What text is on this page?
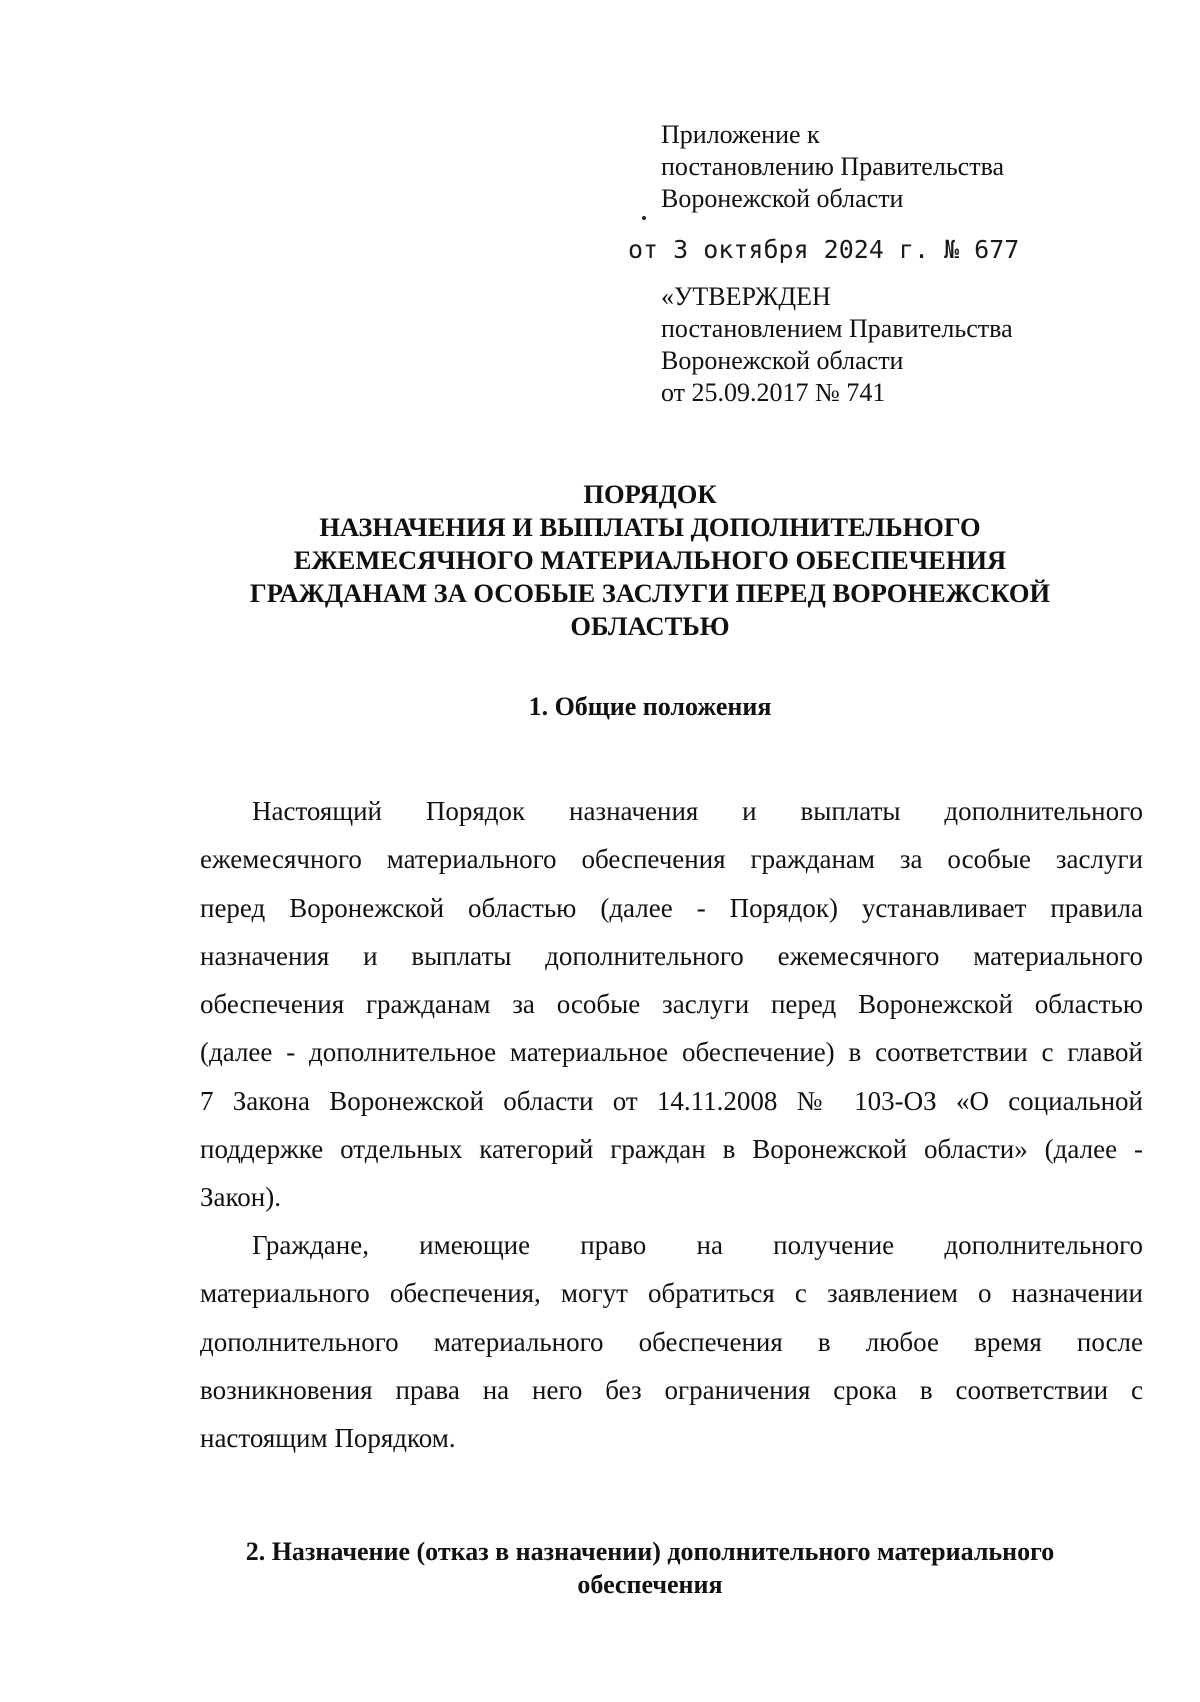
Приложение к
постановлению Правительства
Воронежской области
от 3 октября 2024 г. № 677
«УТВЕРЖДЕН
постановлением Правительства
Воронежской области
от 25.09.2017 № 741
ПОРЯДОК
НАЗНАЧЕНИЯ И ВЫПЛАТЫ ДОПОЛНИТЕЛЬНОГО
ЕЖЕМЕСЯЧНОГО МАТЕРИАЛЬНОГО ОБЕСПЕЧЕНИЯ
ГРАЖДАНАМ ЗА ОСОБЫЕ ЗАСЛУГИ ПЕРЕД ВОРОНЕЖСКОЙ
ОБЛАСТЬЮ
1. Общие положения
Настоящий Порядок назначения и выплаты дополнительного
ежемесячного материального обеспечения гражданам за особые заслуги
перед Воронежской областью (далее - Порядок) устанавливает правила
назначения и выплаты дополнительного ежемесячного материального
обеспечения гражданам за особые заслуги перед Воронежской областью
(далее - дополнительное материальное обеспечение) в соответствии с главой
7 Закона Воронежской области от 14.11.2008 № 103-ОЗ «О социальной
поддержке отдельных категорий граждан в Воронежской области» (далее -
Закон).
Граждане, имеющие право на получение дополнительного
материального обеспечения, могут обратиться с заявлением о назначении
дополнительного материального обеспечения в любое время после
возникновения права на него без ограничения срока в соответствии с
настоящим Порядком.
2. Назначение (отказ в назначении) дополнительного материального
обеспечения
